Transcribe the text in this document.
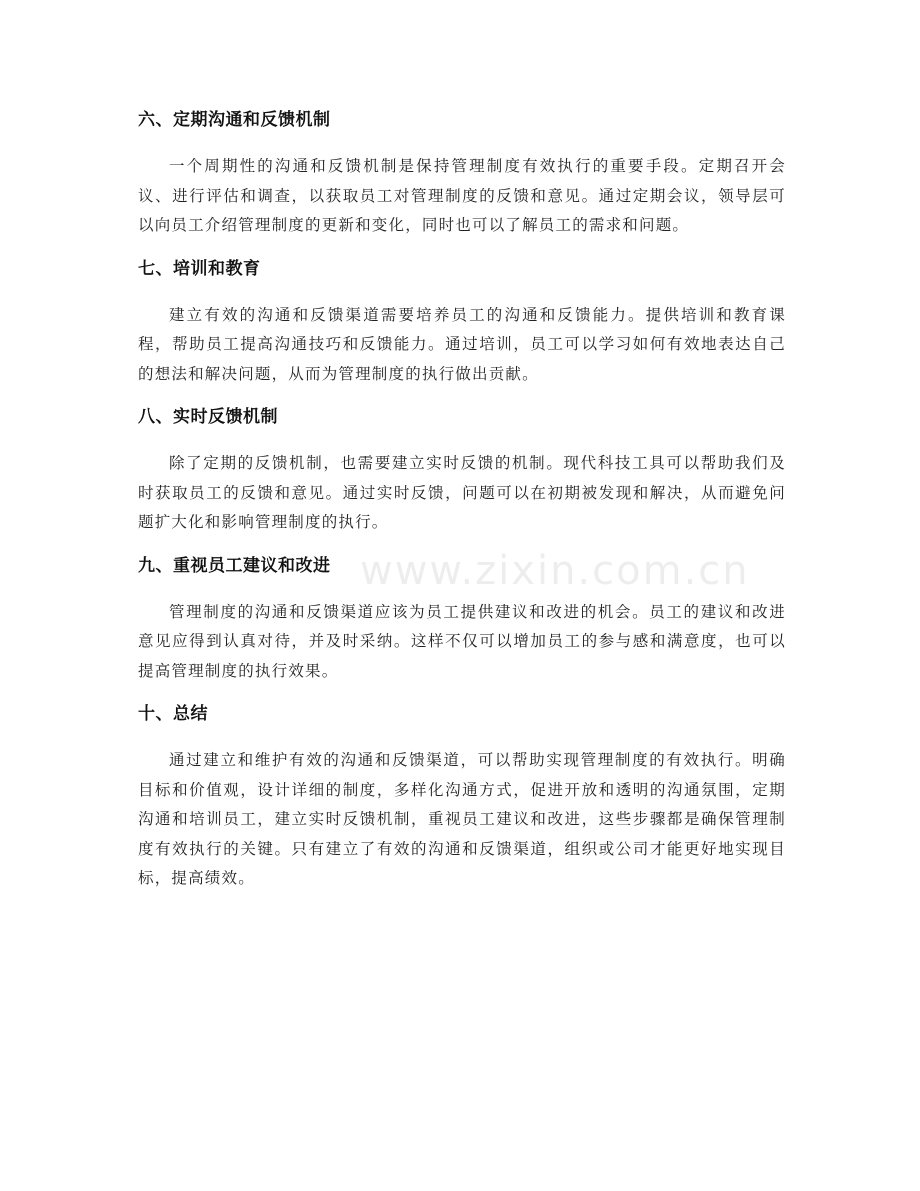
六、定期沟通和反馈机制

一个周期性的沟通和反馈机制是保持管理制度有效执行的重要手段。定期召开会议、进行评估和调查，以获取员工对管理制度的反馈和意见。通过定期会议，领导层可以向员工介绍管理制度的更新和变化，同时也可以了解员工的需求和问题。

七、培训和教育

建立有效的沟通和反馈渠道需要培养员工的沟通和反馈能力。提供培训和教育课程，帮助员工提高沟通技巧和反馈能力。通过培训，员工可以学习如何有效地表达自己的想法和解决问题，从而为管理制度的执行做出贡献。

八、实时反馈机制

除了定期的反馈机制，也需要建立实时反馈的机制。现代科技工具可以帮助我们及时获取员工的反馈和意见。通过实时反馈，问题可以在初期被发现和解决，从而避免问题扩大化和影响管理制度的执行。

九、重视员工建议和改进

管理制度的沟通和反馈渠道应该为员工提供建议和改进的机会。员工的建议和改进意见应得到认真对待，并及时采纳。这样不仅可以增加员工的参与感和满意度，也可以提高管理制度的执行效果。

十、总结

通过建立和维护有效的沟通和反馈渠道，可以帮助实现管理制度的有效执行。明确目标和价值观，设计详细的制度，多样化沟通方式，促进开放和透明的沟通氛围，定期沟通和培训员工，建立实时反馈机制，重视员工建议和改进，这些步骤都是确保管理制度有效执行的关键。只有建立了有效的沟通和反馈渠道，组织或公司才能更好地实现目标，提高绩效。

www.zixin.com.cn
